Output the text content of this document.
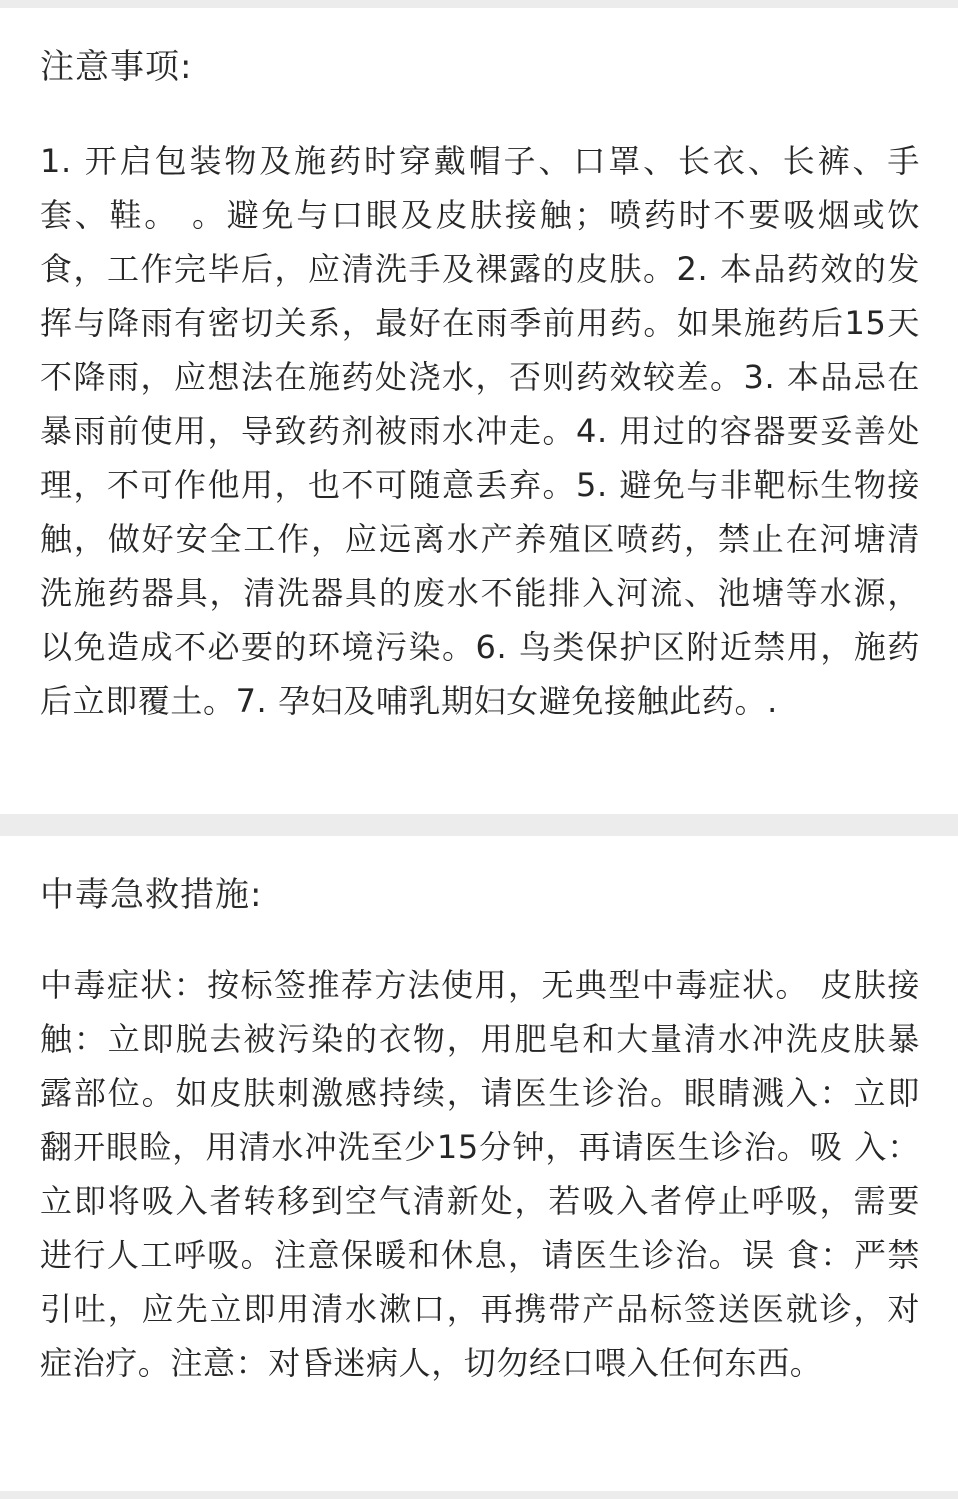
注意事项:

1. 开启包装物及施药时穿戴帽子、口罩、长衣、长裤、手套、鞋。 。避免与口眼及皮肤接触；喷药时不要吸烟或饮食，工作完毕后，应清洗手及裸露的皮肤。2. 本品药效的发挥与降雨有密切关系，最好在雨季前用药。如果施药后15天不降雨，应想法在施药处浇水，否则药效较差。3. 本品忌在暴雨前使用，导致药剂被雨水冲走。4. 用过的容器要妥善处理，不可作他用，也不可随意丢弃。5. 避免与非靶标生物接触，做好安全工作，应远离水产养殖区喷药，禁止在河塘清洗施药器具，清洗器具的废水不能排入河流、池塘等水源，以免造成不必要的环境污染。6. 鸟类保护区附近禁用，施药后立即覆土。7. 孕妇及哺乳期妇女避免接触此药。.

中毒急救措施:

中毒症状：按标签推荐方法使用，无典型中毒症状。 皮肤接触：立即脱去被污染的衣物，用肥皂和大量清水冲洗皮肤暴露部位。如皮肤刺激感持续，请医生诊治。眼睛溅入：立即翻开眼睑，用清水冲洗至少15分钟，再请医生诊治。吸 入：立即将吸入者转移到空气清新处，若吸入者停止呼吸，需要进行人工呼吸。注意保暖和休息，请医生诊治。误 食：严禁引吐，应先立即用清水漱口，再携带产品标签送医就诊，对症治疗。注意：对昏迷病人，切勿经口喂入任何东西。
